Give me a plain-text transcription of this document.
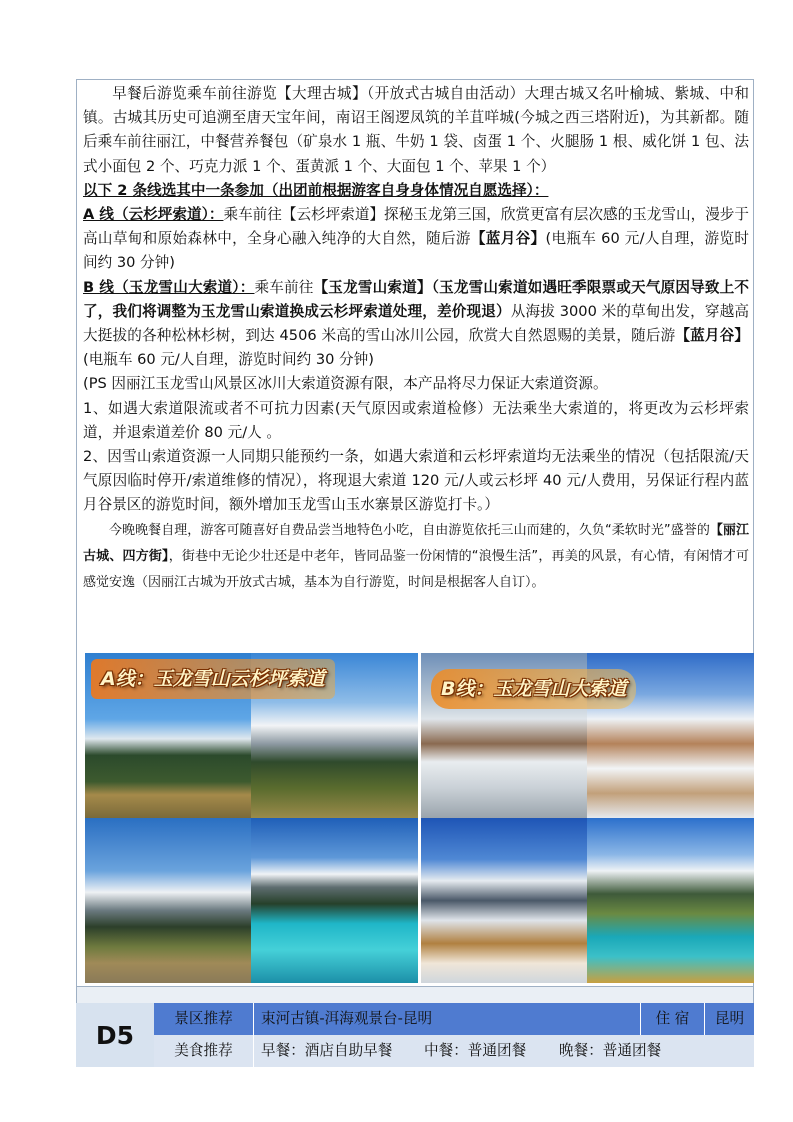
早餐后游览乘车前往游览【大理古城】（开放式古城自由活动）大理古城又名叶榆城、紫城、中和镇。古城其历史可追溯至唐天宝年间，南诏王阁逻凤筑的羊苴咩城(今城之西三塔附近)，为其新都。随后乘车前往丽江，中餐营养餐包（矿泉水 1 瓶、牛奶 1 袋、卤蛋 1 个、火腿肠 1 根、威化饼 1 包、法式小面包 2 个、巧克力派 1 个、蛋黄派 1 个、大面包 1 个、苹果 1 个）

以下 2 条线选其中一条参加（出团前根据游客自身身体情况自愿选择）：

A 线（云杉坪索道）：乘车前往【云杉坪索道】探秘玉龙第三国，欣赏更富有层次感的玉龙雪山，漫步于高山草甸和原始森林中，全身心融入纯净的大自然，随后游【蓝月谷】(电瓶车 60 元/人自理，游览时间约 30 分钟)

B 线（玉龙雪山大索道）：乘车前往【玉龙雪山索道】（玉龙雪山索道如遇旺季限票或天气原因导致上不了，我们将调整为玉龙雪山索道换成云杉坪索道处理，差价现退）从海拔 3000 米的草甸出发，穿越高大挺拔的各种松林杉树，到达 4506 米高的雪山冰川公园，欣赏大自然恩赐的美景，随后游【蓝月谷】(电瓶车 60 元/人自理，游览时间约 30 分钟)

(PS 因丽江玉龙雪山风景区冰川大索道资源有限，本产品将尽力保证大索道资源。

1、如遇大索道限流或者不可抗力因素(天气原因或索道检修）无法乘坐大索道的，将更改为云杉坪索道，并退索道差价 80 元/人 。

2、因雪山索道资源一人同期只能预约一条，如遇大索道和云杉坪索道均无法乘坐的情况（包括限流/天气原因临时停开/索道维修的情况），将现退大索道 120 元/人或云杉坪 40 元/人费用，另保证行程内蓝月谷景区的游览时间，额外增加玉龙雪山玉水寨景区游览打卡。）

今晚晚餐自理，游客可随喜好自费品尝当地特色小吃，自由游览依托三山而建的，久负“柔软时光”盛誉的【丽江古城、四方街】，街巷中无论少壮还是中老年，皆同品鉴一份闲情的“浪慢生活”，再美的风景，有心情，有闲情才可感觉安逸（因丽江古城为开放式古城，基本为自行游览，时间是根据客人自订）。

A线：玉龙雪山云杉坪索道	B线：玉龙雪山大索道
D5
景区推荐	束河古镇-洱海观景台-昆明	住 宿	昆明
美食推荐	早餐：酒店自助早餐	中餐：普通团餐	晚餐：普通团餐
